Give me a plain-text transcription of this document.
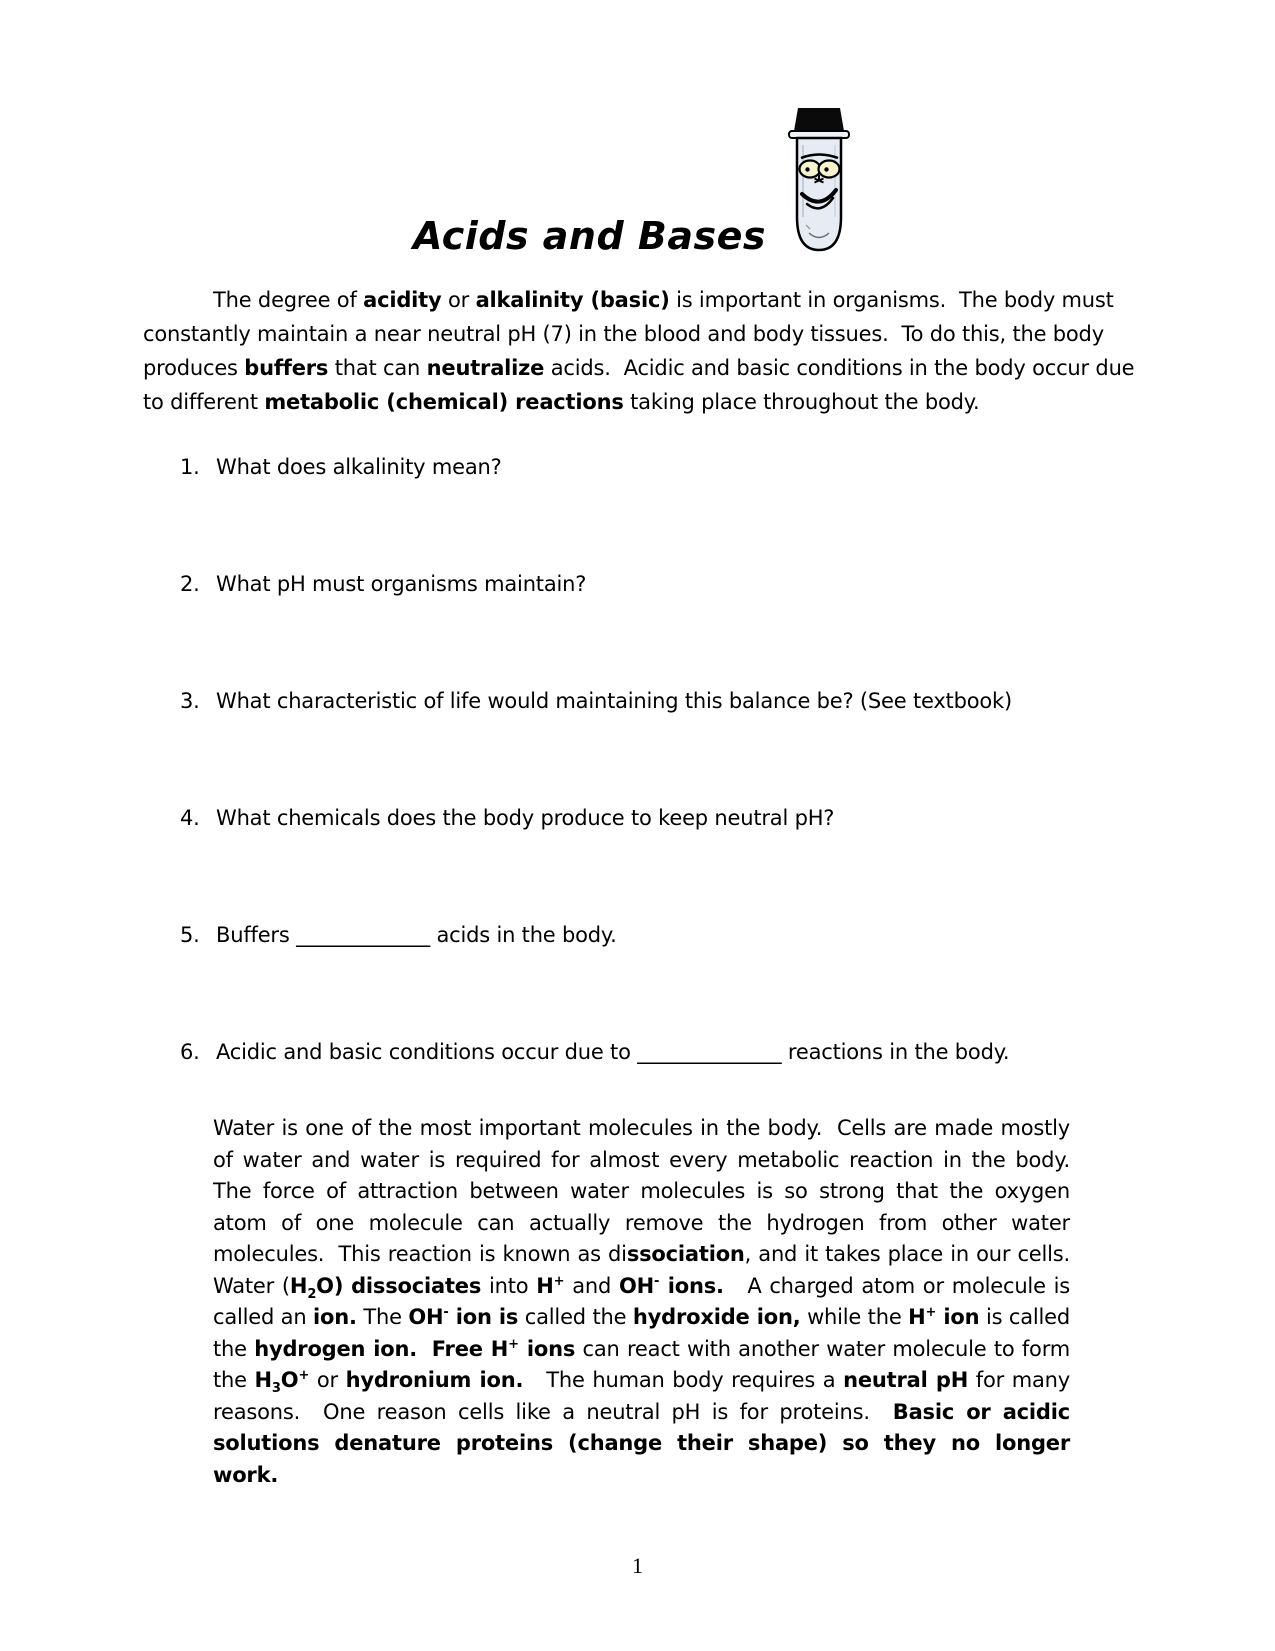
Acids and Bases

The degree of acidity or alkalinity (basic) is important in organisms.  The body must constantly maintain a near neutral pH (7) in the blood and body tissues.  To do this, the body produces buffers that can neutralize acids.  Acidic and basic conditions in the body occur due to different metabolic (chemical) reactions taking place throughout the body.

1. What does alkalinity mean?
2. What pH must organisms maintain?
3. What characteristic of life would maintaining this balance be? (See textbook)
4. What chemicals does the body produce to keep neutral pH?
5. Buffers _____________ acids in the body.
6. Acidic and basic conditions occur due to ______________ reactions in the body.

Water is one of the most important molecules in the body.  Cells are made mostly of water and water is required for almost every metabolic reaction in the body. The force of attraction between water molecules is so strong that the oxygen atom of one molecule can actually remove the hydrogen from other water molecules.  This reaction is known as dissociation, and it takes place in our cells.  Water $(H_2O)$ dissociates into H+ and OH- ions.   A charged atom or molecule is called an ion. The OH- ion is called the hydroxide ion, while the H+ ion is called the hydrogen ion. Free H+ ions can react with another water molecule to form the $H_3O^+$ or hydronium ion.   The human body requires a neutral pH for many reasons.  One reason cells like a neutral pH is for proteins.  Basic or acidic solutions denature proteins (change their shape) so they no longer work.

1
